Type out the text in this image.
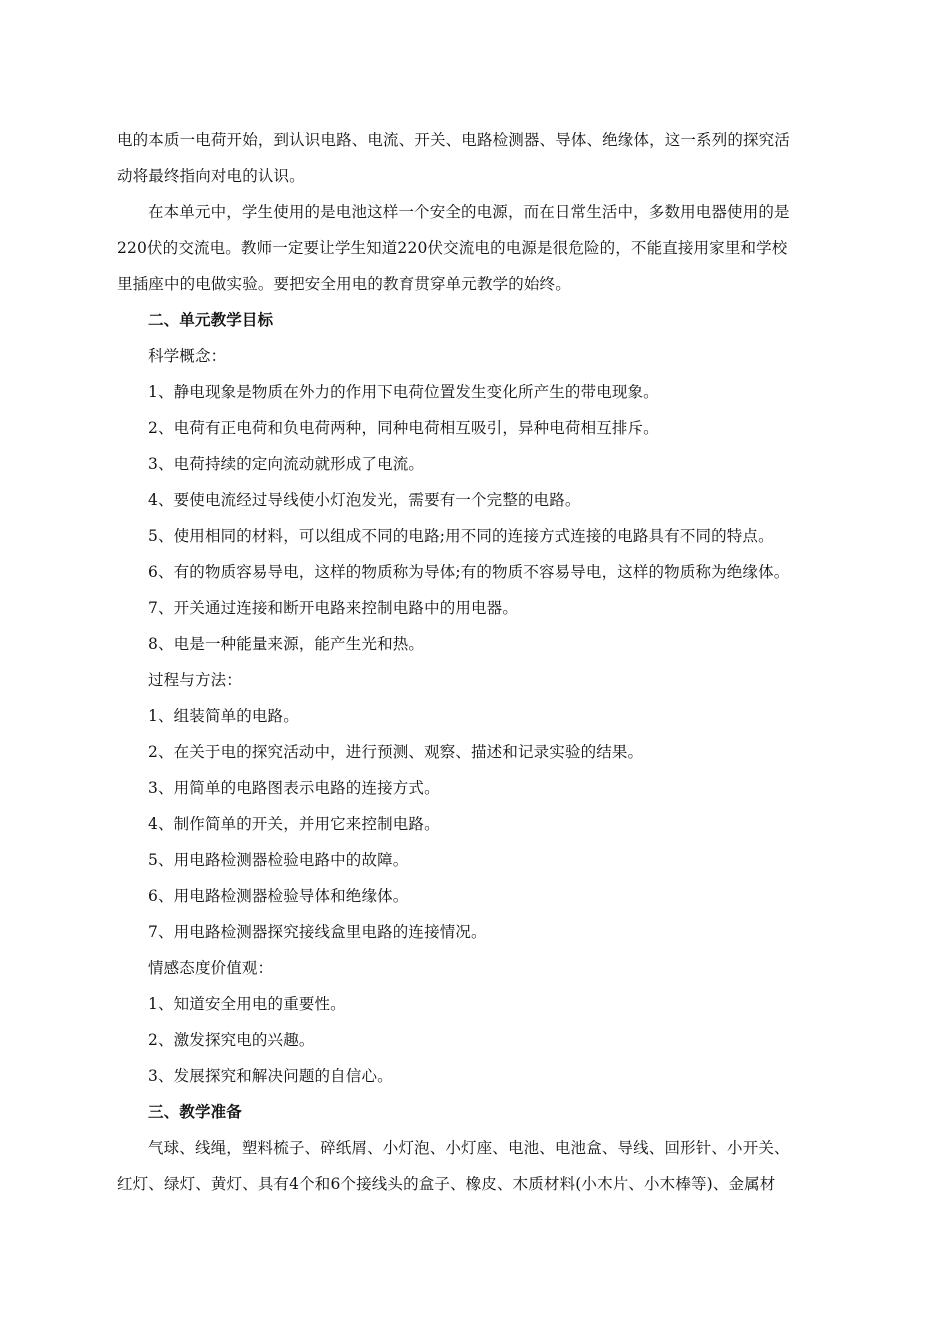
电的本质一电荷开始，到认识电路、电流、开关、电路检测器、导体、绝缘体，这一系列的探究活
动将最终指向对电的认识。
在本单元中，学生使用的是电池这样一个安全的电源，而在日常生活中，多数用电器使用的是
220伏的交流电。教师一定要让学生知道220伏交流电的电源是很危险的，不能直接用家里和学校
里插座中的电做实验。要把安全用电的教育贯穿单元教学的始终。
二、单元教学目标
科学概念：
1、静电现象是物质在外力的作用下电荷位置发生变化所产生的带电现象。
2、电荷有正电荷和负电荷两种，同种电荷相互吸引，异种电荷相互排斥。
3、电荷持续的定向流动就形成了电流。
4、要使电流经过导线使小灯泡发光，需要有一个完整的电路。
5、使用相同的材料，可以组成不同的电路;用不同的连接方式连接的电路具有不同的特点。
6、有的物质容易导电，这样的物质称为导体;有的物质不容易导电，这样的物质称为绝缘体。
7、开关通过连接和断开电路来控制电路中的用电器。
8、电是一种能量来源，能产生光和热。
过程与方法：
1、组装简单的电路。
2、在关于电的探究活动中，进行预测、观察、描述和记录实验的结果。
3、用简单的电路图表示电路的连接方式。
4、制作简单的开关，并用它来控制电路。
5、用电路检测器检验电路中的故障。
6、用电路检测器检验导体和绝缘体。
7、用电路检测器探究接线盒里电路的连接情况。
情感态度价值观：
1、知道安全用电的重要性。
2、激发探究电的兴趣。
3、发展探究和解决问题的自信心。
三、教学准备
气球、线绳，塑料梳子、碎纸屑、小灯泡、小灯座、电池、电池盒、导线、回形针、小开关、
红灯、绿灯、黄灯、具有4个和6个接线头的盒子、橡皮、木质材料(小木片、小木棒等)、金属材
